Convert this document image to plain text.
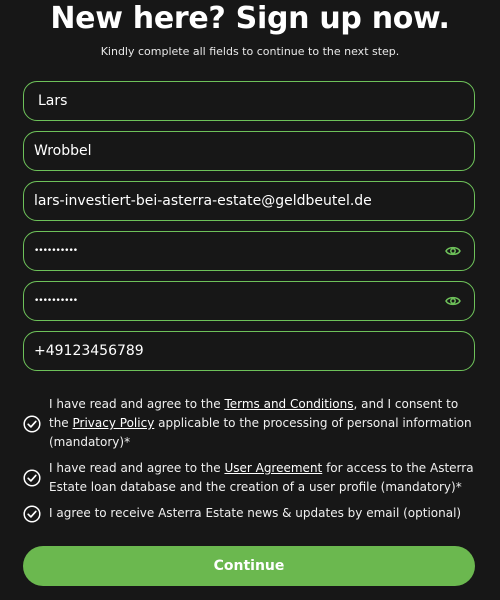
New here? Sign up now.

Kindly complete all fields to continue to the next step.

Lars
Wrobbel
lars-investiert-bei-asterra-estate@geldbeutel.de
••••••••••
••••••••••
+49123456789
I have read and agree to the Terms and Conditions, and I consent to the Privacy Policy applicable to the processing of personal information (mandatory)*
I have read and agree to the User Agreement for access to the Asterra Estate loan database and the creation of a user profile (mandatory)*
I agree to receive Asterra Estate news & updates by email (optional)
Continue
